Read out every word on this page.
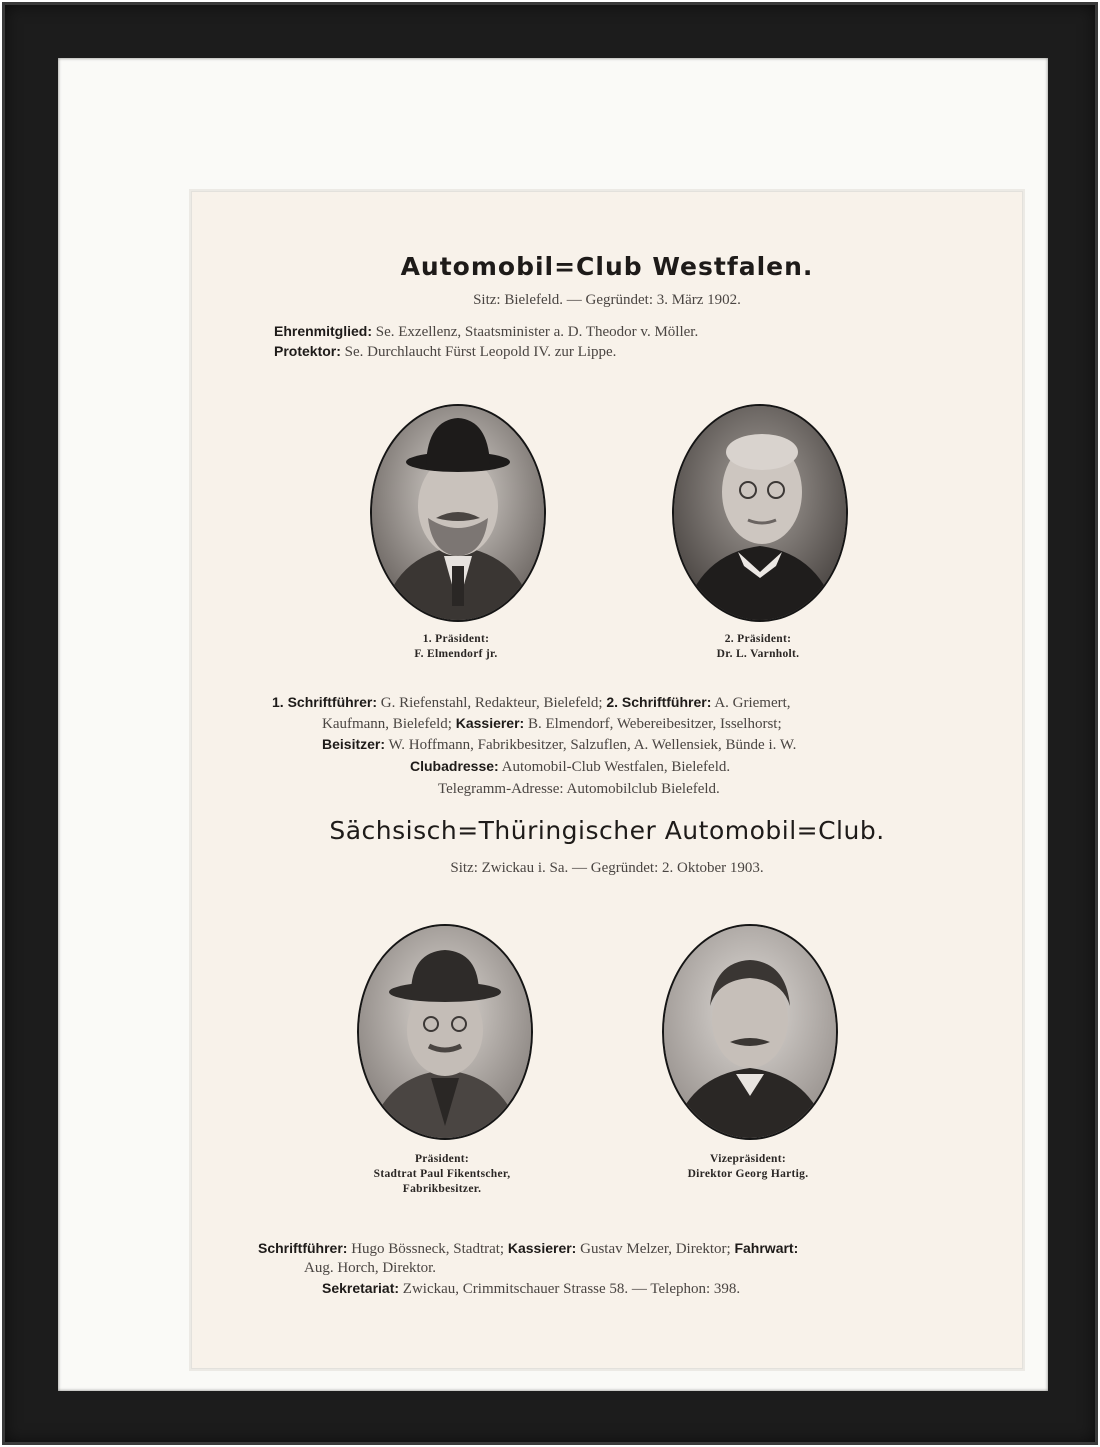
Automobil=Club Westfalen.
Sitz: Bielefeld. — Gegründet: 3. März 1902.
Ehrenmitglied: Se. Exzellenz, Staatsminister a. D. Theodor v. Möller.
Protektor: Se. Durchlaucht Fürst Leopold IV. zur Lippe.
1. Präsident:
F. Elmendorf jr.
2. Präsident:
Dr. L. Varnholt.
1. Schriftführer: G. Riefenstahl, Redakteur, Bielefeld; 2. Schriftführer: A. Griemert,
Kaufmann, Bielefeld; Kassierer: B. Elmendorf, Webereibesitzer, Isselhorst;
Beisitzer: W. Hoffmann, Fabrikbesitzer, Salzuflen, A. Wellensiek, Bünde i. W.
Clubadresse: Automobil-Club Westfalen, Bielefeld.
Telegramm-Adresse: Automobilclub Bielefeld.
Sächsisch=Thüringischer Automobil=Club.
Sitz: Zwickau i. Sa. — Gegründet: 2. Oktober 1903.
Präsident:
Stadtrat Paul Fikentscher,
Fabrikbesitzer.
Vizepräsident:
Direktor Georg Hartig.
Schriftführer: Hugo Bössneck, Stadtrat; Kassierer: Gustav Melzer, Direktor; Fahrwart:
Aug. Horch, Direktor.
Sekretariat: Zwickau, Crimmitschauer Strasse 58. — Telephon: 398.
